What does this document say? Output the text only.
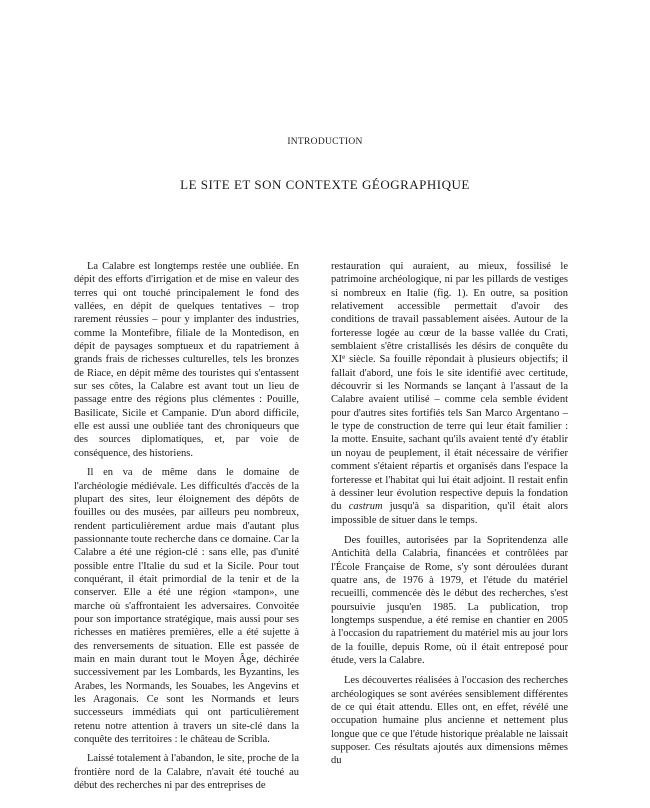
INTRODUCTION
LE SITE ET SON CONTEXTE GÉOGRAPHIQUE

La Calabre est longtemps restée une oubliée. En dépit des efforts d'irrigation et de mise en valeur des terres qui ont touché principalement le fond des vallées, en dépit de quelques tentatives – trop rarement réussies – pour y implanter des industries, comme la Montefibre, filiale de la Montedison, en dépit de paysages somptueux et du rapatriement à grands frais de richesses culturelles, tels les bronzes de Riace, en dépit même des touristes qui s'entassent sur ses côtes, la Calabre est avant tout un lieu de passage entre des régions plus clémentes : Pouille, Basilicate, Sicile et Campanie. D'un abord difficile, elle est aussi une oubliée tant des chroniqueurs que des sources diplomatiques, et, par voie de conséquence, des historiens.

Il en va de même dans le domaine de l'archéologie médiévale. Les difficultés d'accès de la plupart des sites, leur éloignement des dépôts de fouilles ou des musées, par ailleurs peu nombreux, rendent particulièrement ardue mais d'autant plus passionnante toute recherche dans ce domaine. Car la Calabre a été une région-clé : sans elle, pas d'unité possible entre l'Italie du sud et la Sicile. Pour tout conquérant, il était primordial de la tenir et de la conserver. Elle a été une région «tampon», une marche où s'affrontaient les adversaires. Convoitée pour son importance stratégique, mais aussi pour ses richesses en matières premières, elle a été sujette à des renversements de situation. Elle est passée de main en main durant tout le Moyen Âge, déchirée successivement par les Lombards, les Byzantins, les Arabes, les Normands, les Souabes, les Angevins et les Aragonais. Ce sont les Normands et leurs successeurs immédiats qui ont particulièrement retenu notre attention à travers un site-clé dans la conquête des territoires : le château de Scribla.

Laissé totalement à l'abandon, le site, proche de la frontière nord de la Calabre, n'avait été touché au début des recherches ni par des entreprises de

restauration qui auraient, au mieux, fossilisé le patrimoine archéologique, ni par les pillards de vestiges si nombreux en Italie (fig. 1). En outre, sa position relativement accessible permettait d'avoir des conditions de travail passablement aisées. Autour de la forteresse logée au cœur de la basse vallée du Crati, semblaient s'être cristallisés les désirs de conquête du XIe siècle. Sa fouille répondait à plusieurs objectifs; il fallait d'abord, une fois le site identifié avec certitude, découvrir si les Normands se lançant à l'assaut de la Calabre avaient utilisé – comme cela semble évident pour d'autres sites fortifiés tels San Marco Argentano – le type de construction de terre qui leur était familier : la motte. Ensuite, sachant qu'ils avaient tenté d'y établir un noyau de peuplement, il était nécessaire de vérifier comment s'étaient répartis et organisés dans l'espace la forteresse et l'habitat qui lui était adjoint. Il restait enfin à dessiner leur évolution respective depuis la fondation du castrum jusqu'à sa disparition, qu'il était alors impossible de situer dans le temps.

Des fouilles, autorisées par la Sopritendenza alle Antichità della Calabria, financées et contrôlées par l'École Française de Rome, s'y sont déroulées durant quatre ans, de 1976 à 1979, et l'étude du matériel recueilli, commencée dès le début des recherches, s'est poursuivie jusqu'en 1985. La publication, trop longtemps suspendue, a été remise en chantier en 2005 à l'occasion du rapatriement du matériel mis au jour lors de la fouille, depuis Rome, où il était entreposé pour étude, vers la Calabre.

Les découvertes réalisées à l'occasion des recherches archéologiques se sont avérées sensiblement différentes de ce qui était attendu. Elles ont, en effet, révélé une occupation humaine plus ancienne et nettement plus longue que ce que l'étude historique préalable ne laissait supposer. Ces résultats ajoutés aux dimensions mêmes du
